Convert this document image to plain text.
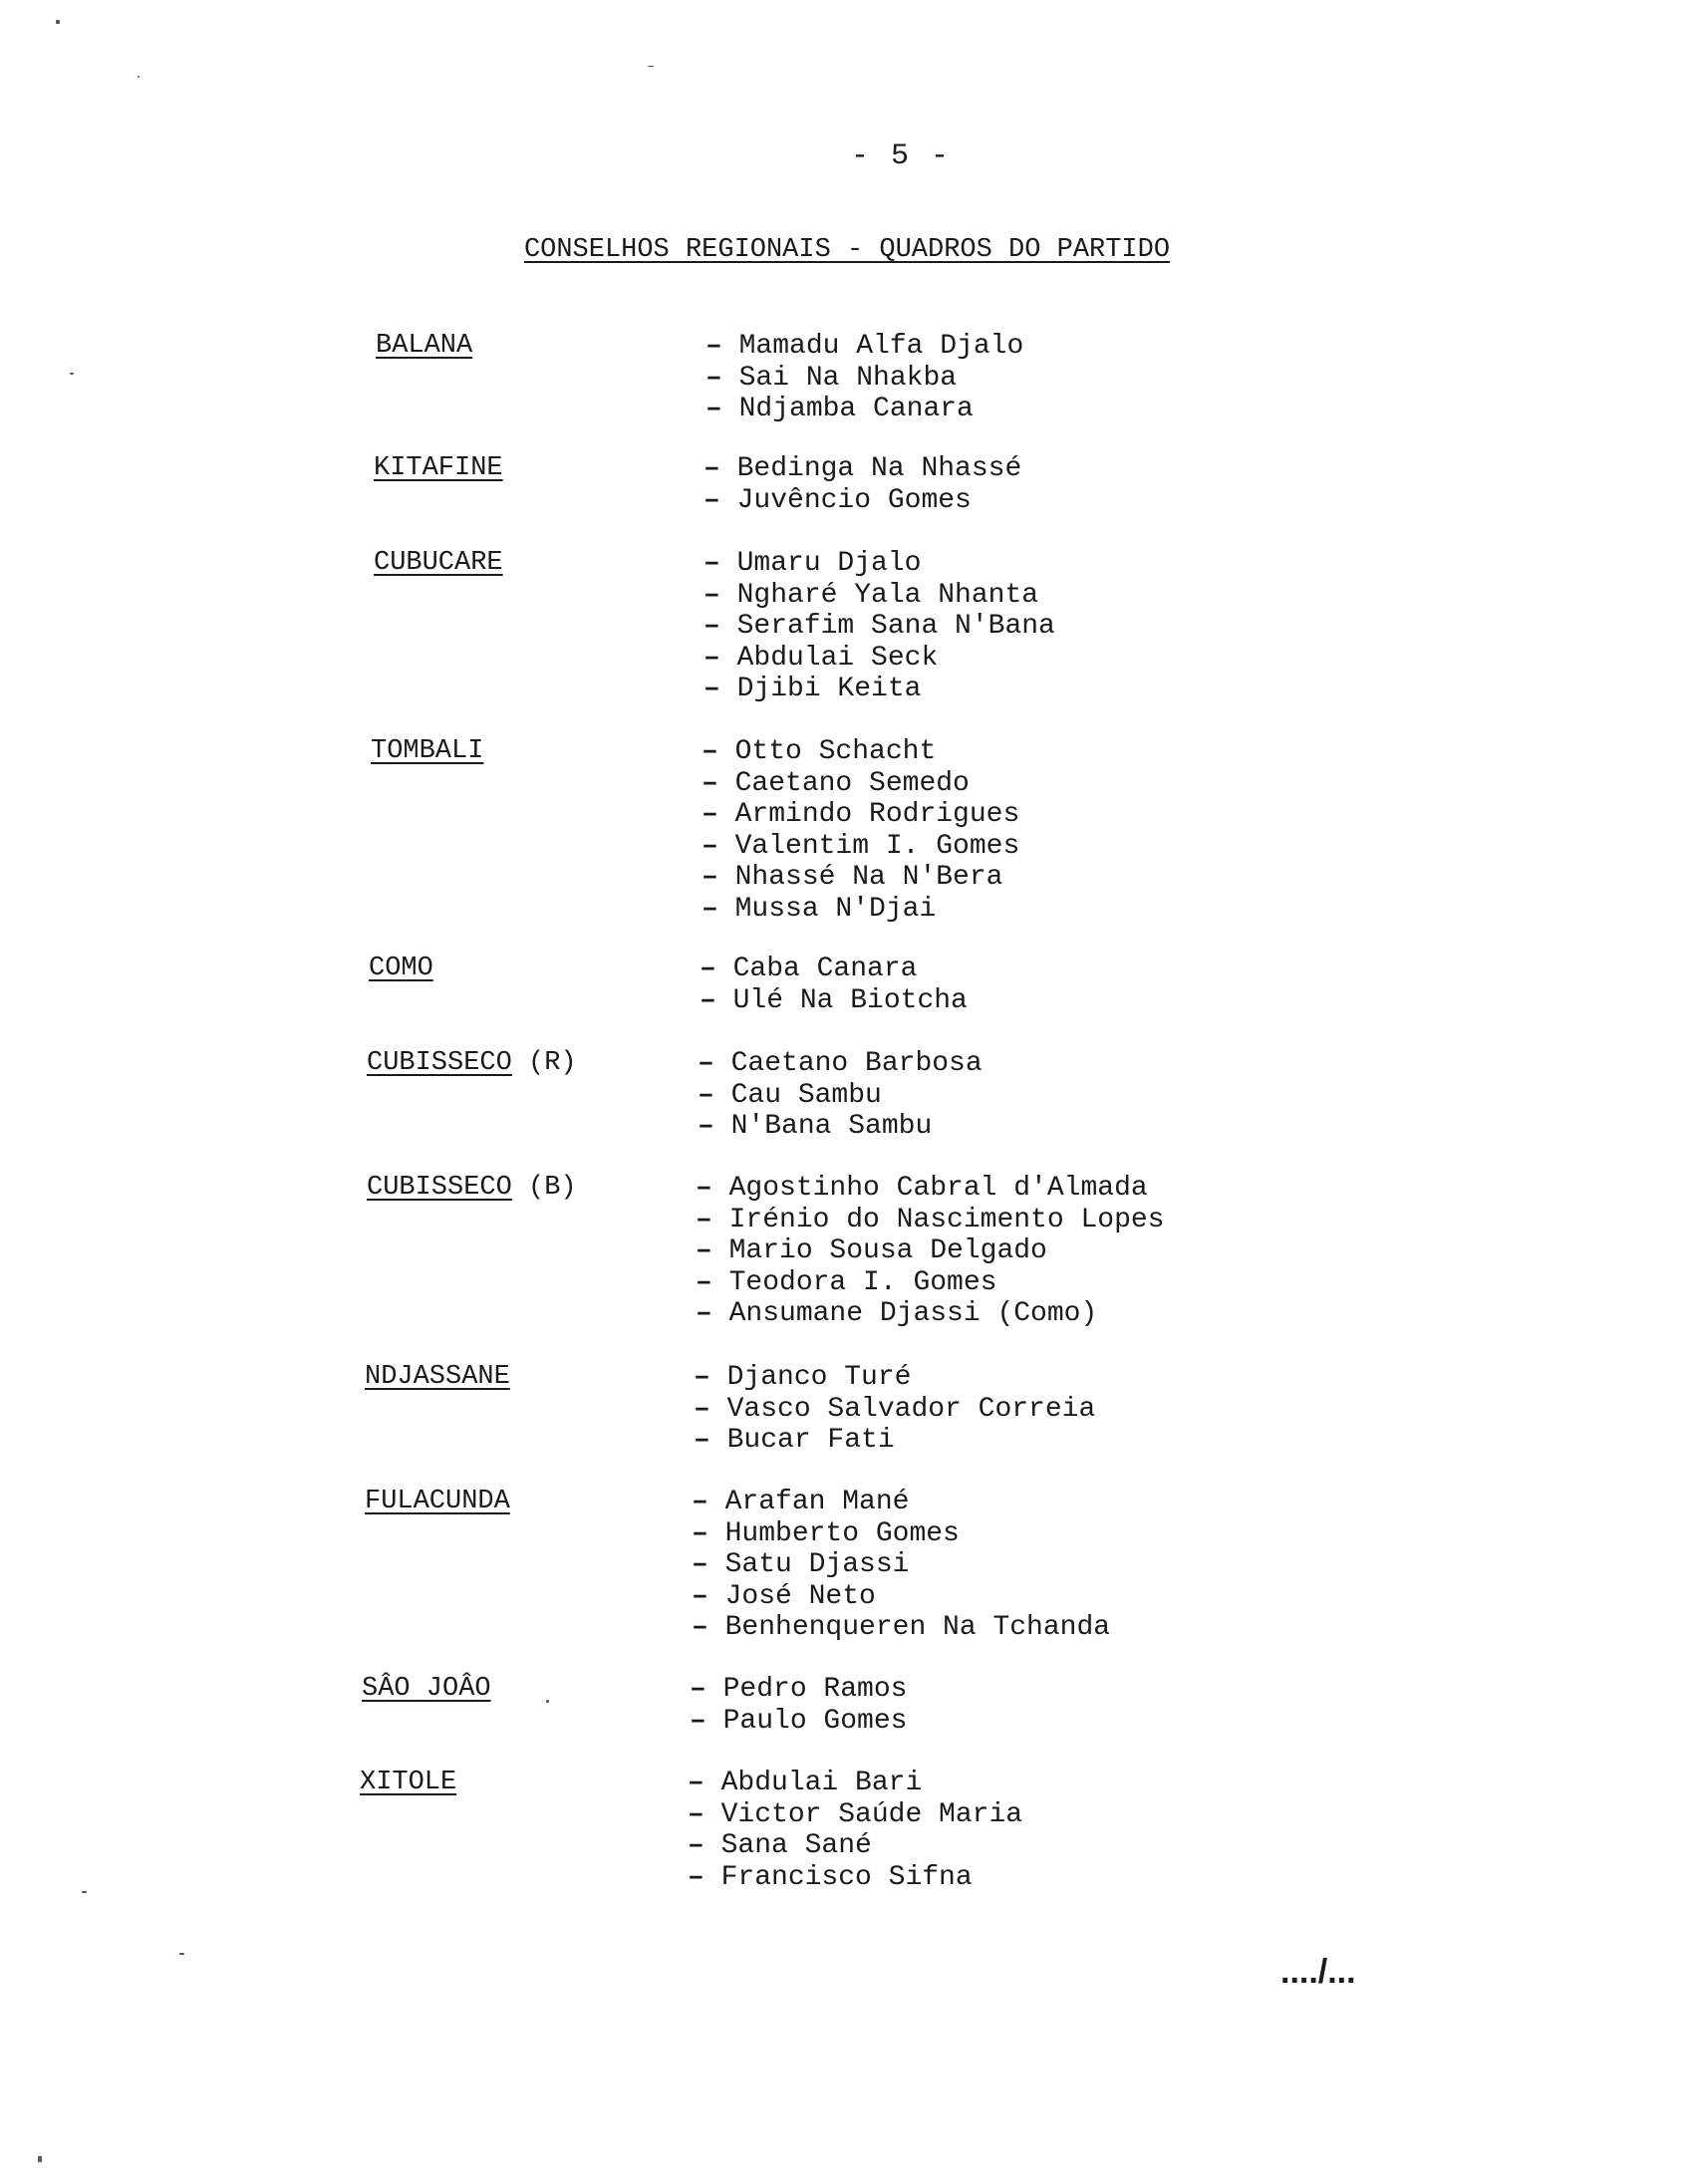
- 5 -
CONSELHOS REGIONAIS - QUADROS DO PARTIDO
BALANA	– Mamadu Alfa Djalo
– Sai Na Nhakba
– Ndjamba Canara
KITAFINE	– Bedinga Na Nhassé
– Juvêncio Gomes
CUBUCARE	– Umaru Djalo
– Ngharé Yala Nhanta
– Serafim Sana N'Bana
– Abdulai Seck
– Djibi Keita
TOMBALI	– Otto Schacht
– Caetano Semedo
– Armindo Rodrigues
– Valentim I. Gomes
– Nhassé Na N'Bera
– Mussa N'Djai
COMO	– Caba Canara
– Ulé Na Biotcha
CUBISSECO (R)	– Caetano Barbosa
– Cau Sambu
– N'Bana Sambu
CUBISSECO (B)	– Agostinho Cabral d'Almada
– Irénio do Nascimento Lopes
– Mario Sousa Delgado
– Teodora I. Gomes
– Ansumane Djassi (Como)
NDJASSANE	– Djanco Turé
– Vasco Salvador Correia
– Bucar Fati
FULACUNDA	– Arafan Mané
– Humberto Gomes
– Satu Djassi
– José Neto
– Benhenqueren Na Tchanda
SÂO JOÂO	– Pedro Ramos
– Paulo Gomes
XITOLE	– Abdulai Bari
– Victor Saúde Maria
– Sana Sané
– Francisco Sifna
..../...
